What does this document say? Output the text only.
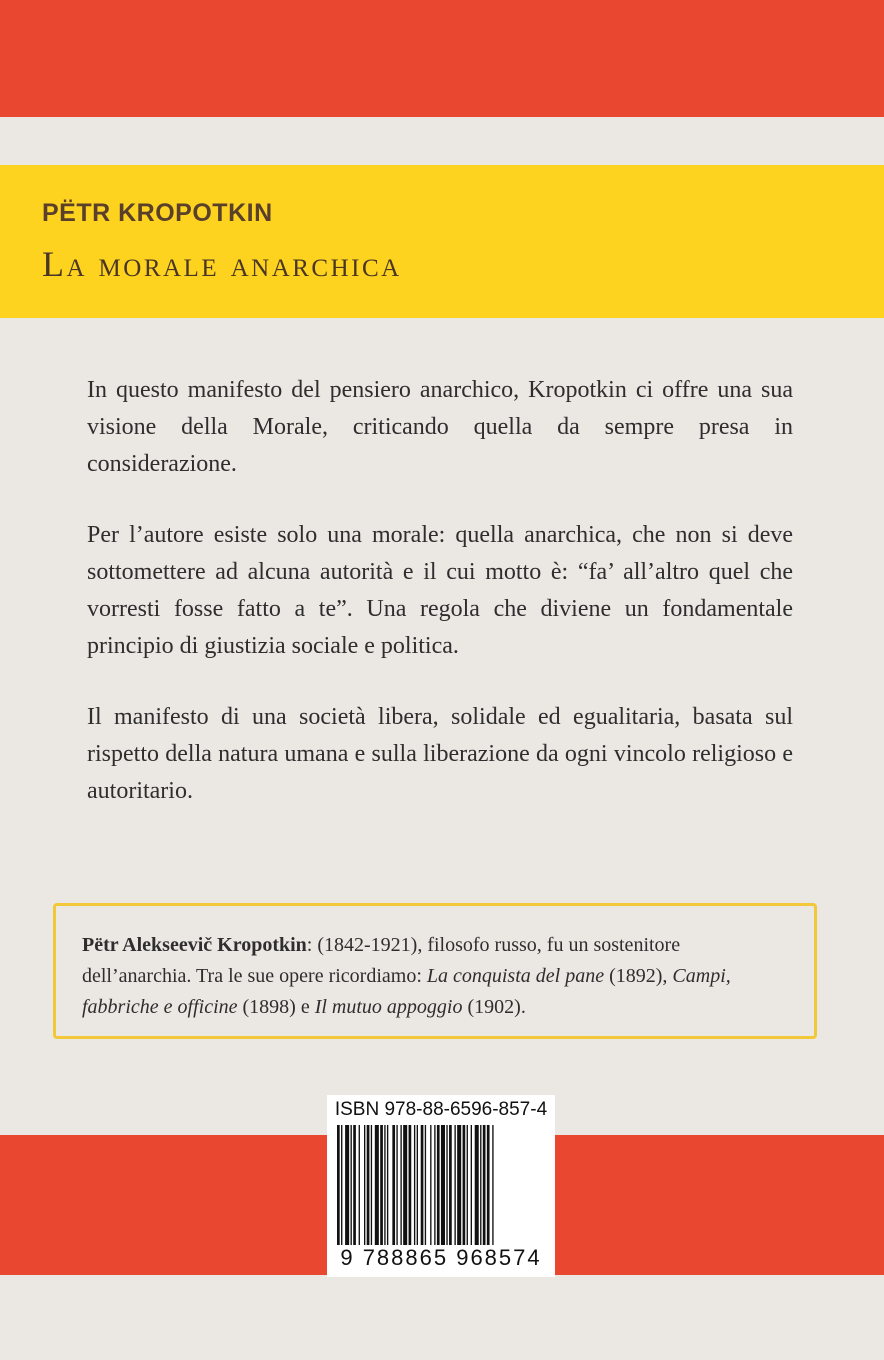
PËTR KROPOTKIN
La morale anarchica

In questo manifesto del pensiero anarchico, Kropotkin ci offre una sua visione della Morale, criticando quella da sempre presa in considerazione.

Per l’autore esiste solo una morale: quella anarchica, che non si deve sottomettere ad alcuna autorità e il cui motto è: “fa’ all’altro quel che vorresti fosse fatto a te”. Una regola che diviene un fondamentale principio di giustizia sociale e politica.

Il manifesto di una società libera, solidale ed egualitaria, basata sul rispetto della natura umana e sulla liberazione da ogni vincolo religioso e autoritario.

Pëtr Alekseevič Kropotkin: (1842-1921), filosofo russo, fu un sostenitore dell’anarchia. Tra le sue opere ricordiamo: La conquista del pane (1892), Campi, fabbriche e officine (1898) e Il mutuo appoggio (1902).
ISBN 978-88-6596-857-4
9 788865 968574
